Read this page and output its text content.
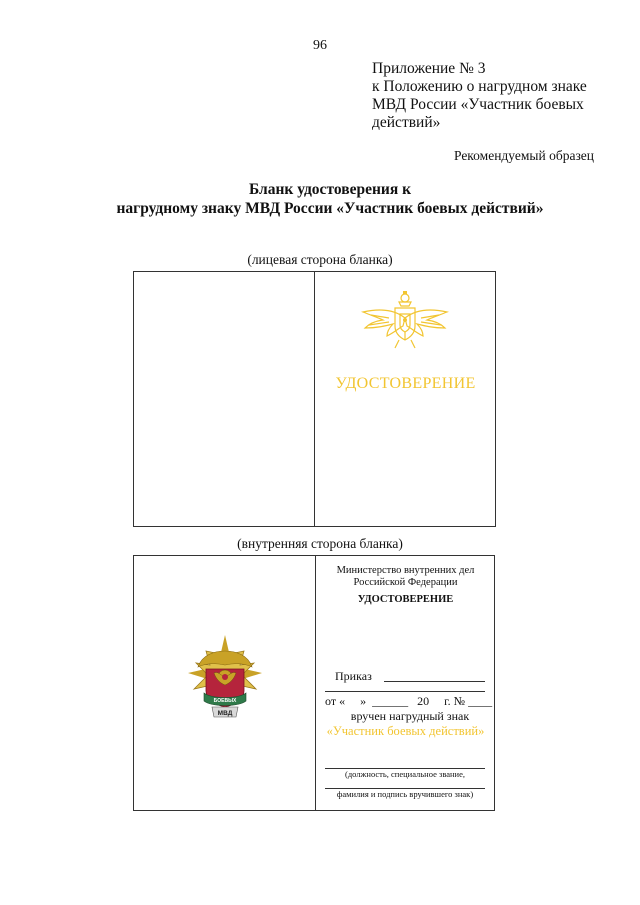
96
Приложение № 3
к Положению о нагрудном знаке
МВД России «Участник боевых
действий»
Рекомендуемый образец
Бланк удостоверения к
нагрудному знаку МВД России «Участник боевых действий»
(лицевая сторона бланка)
УДОСТОВЕРЕНИЕ
(внутренняя сторона бланка)
БОЕВЫХ
МВД
Министерство внутренних дел
Российской Федерации
УДОСТОВЕРЕНИЕ
Приказ
от «     »  ______   20     г. № ____
вручен нагрудный знак
«Участник боевых действий»
(должность, специальное звание,
фамилия и подпись вручившего знак)
